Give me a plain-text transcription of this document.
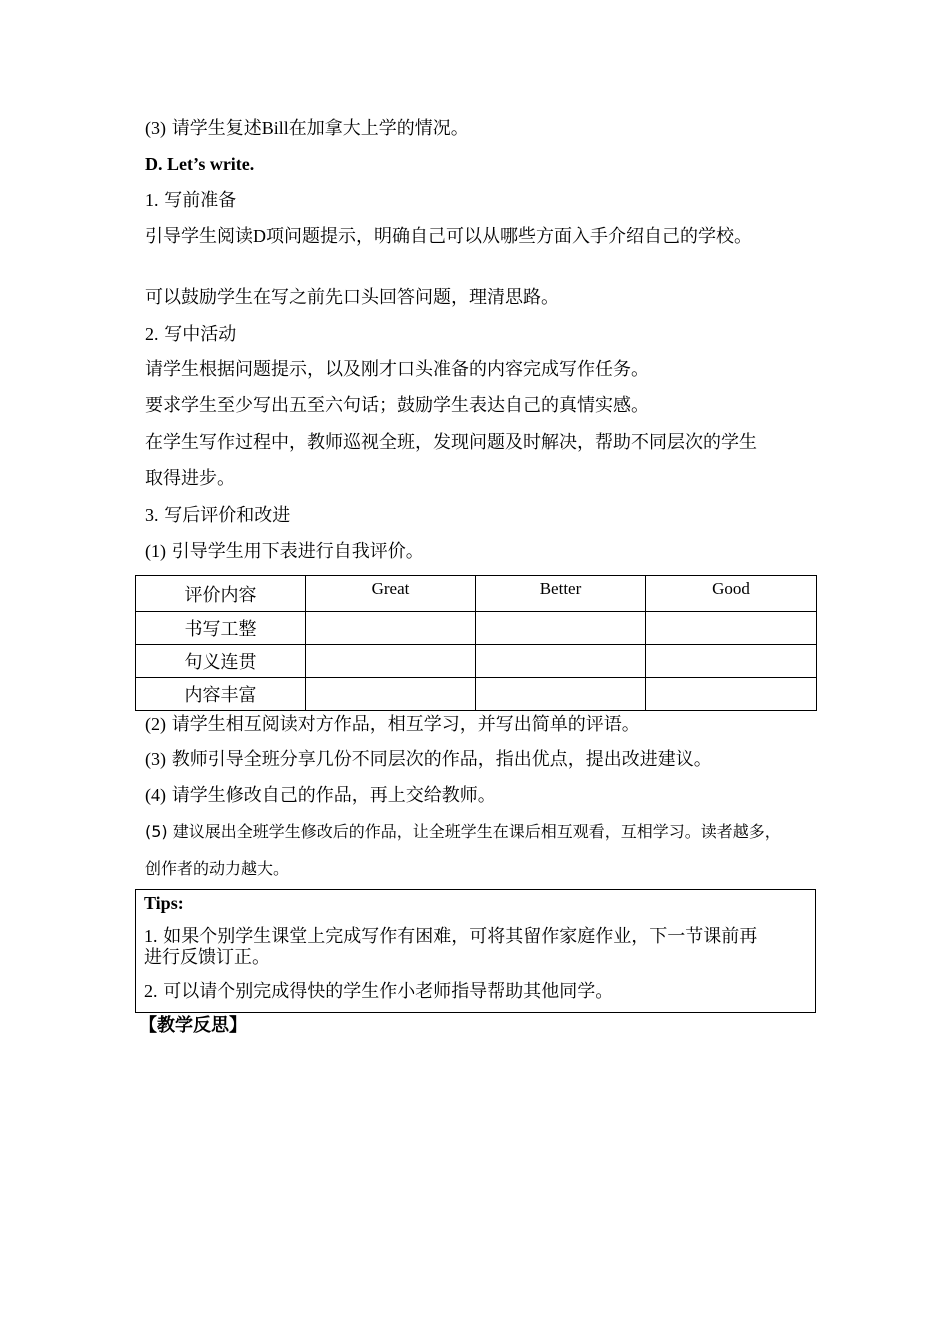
(3) 请学生复述Bill在加拿大上学的情况。
D. Let’s write.
1. 写前准备
引导学生阅读D项问题提示，明确自己可以从哪些方面入手介绍自己的学校。
可以鼓励学生在写之前先口头回答问题，理清思路。
2. 写中活动
请学生根据问题提示，以及刚才口头准备的内容完成写作任务。
要求学生至少写出五至六句话；鼓励学生表达自己的真情实感。
在学生写作过程中，教师巡视全班，发现问题及时解决，帮助不同层次的学生
取得进步。
3. 写后评价和改进
(1) 引导学生用下表进行自我评价。
评价内容	Great	Better	Good
书写工整			
句义连贯			
内容丰富			
(2) 请学生相互阅读对方作品，相互学习，并写出简单的评语。
(3) 教师引导全班分享几份不同层次的作品，指出优点，提出改进建议。
(4) 请学生修改自己的作品，再上交给教师。
(5) 建议展出全班学生修改后的作品，让全班学生在课后相互观看，互相学习。读者越多，
创作者的动力越大。
Tips:
1. 如果个别学生课堂上完成写作有困难，可将其留作家庭作业，下一节课前再
进行反馈订正。
2. 可以请个别完成得快的学生作小老师指导帮助其他同学。
【教学反思】
